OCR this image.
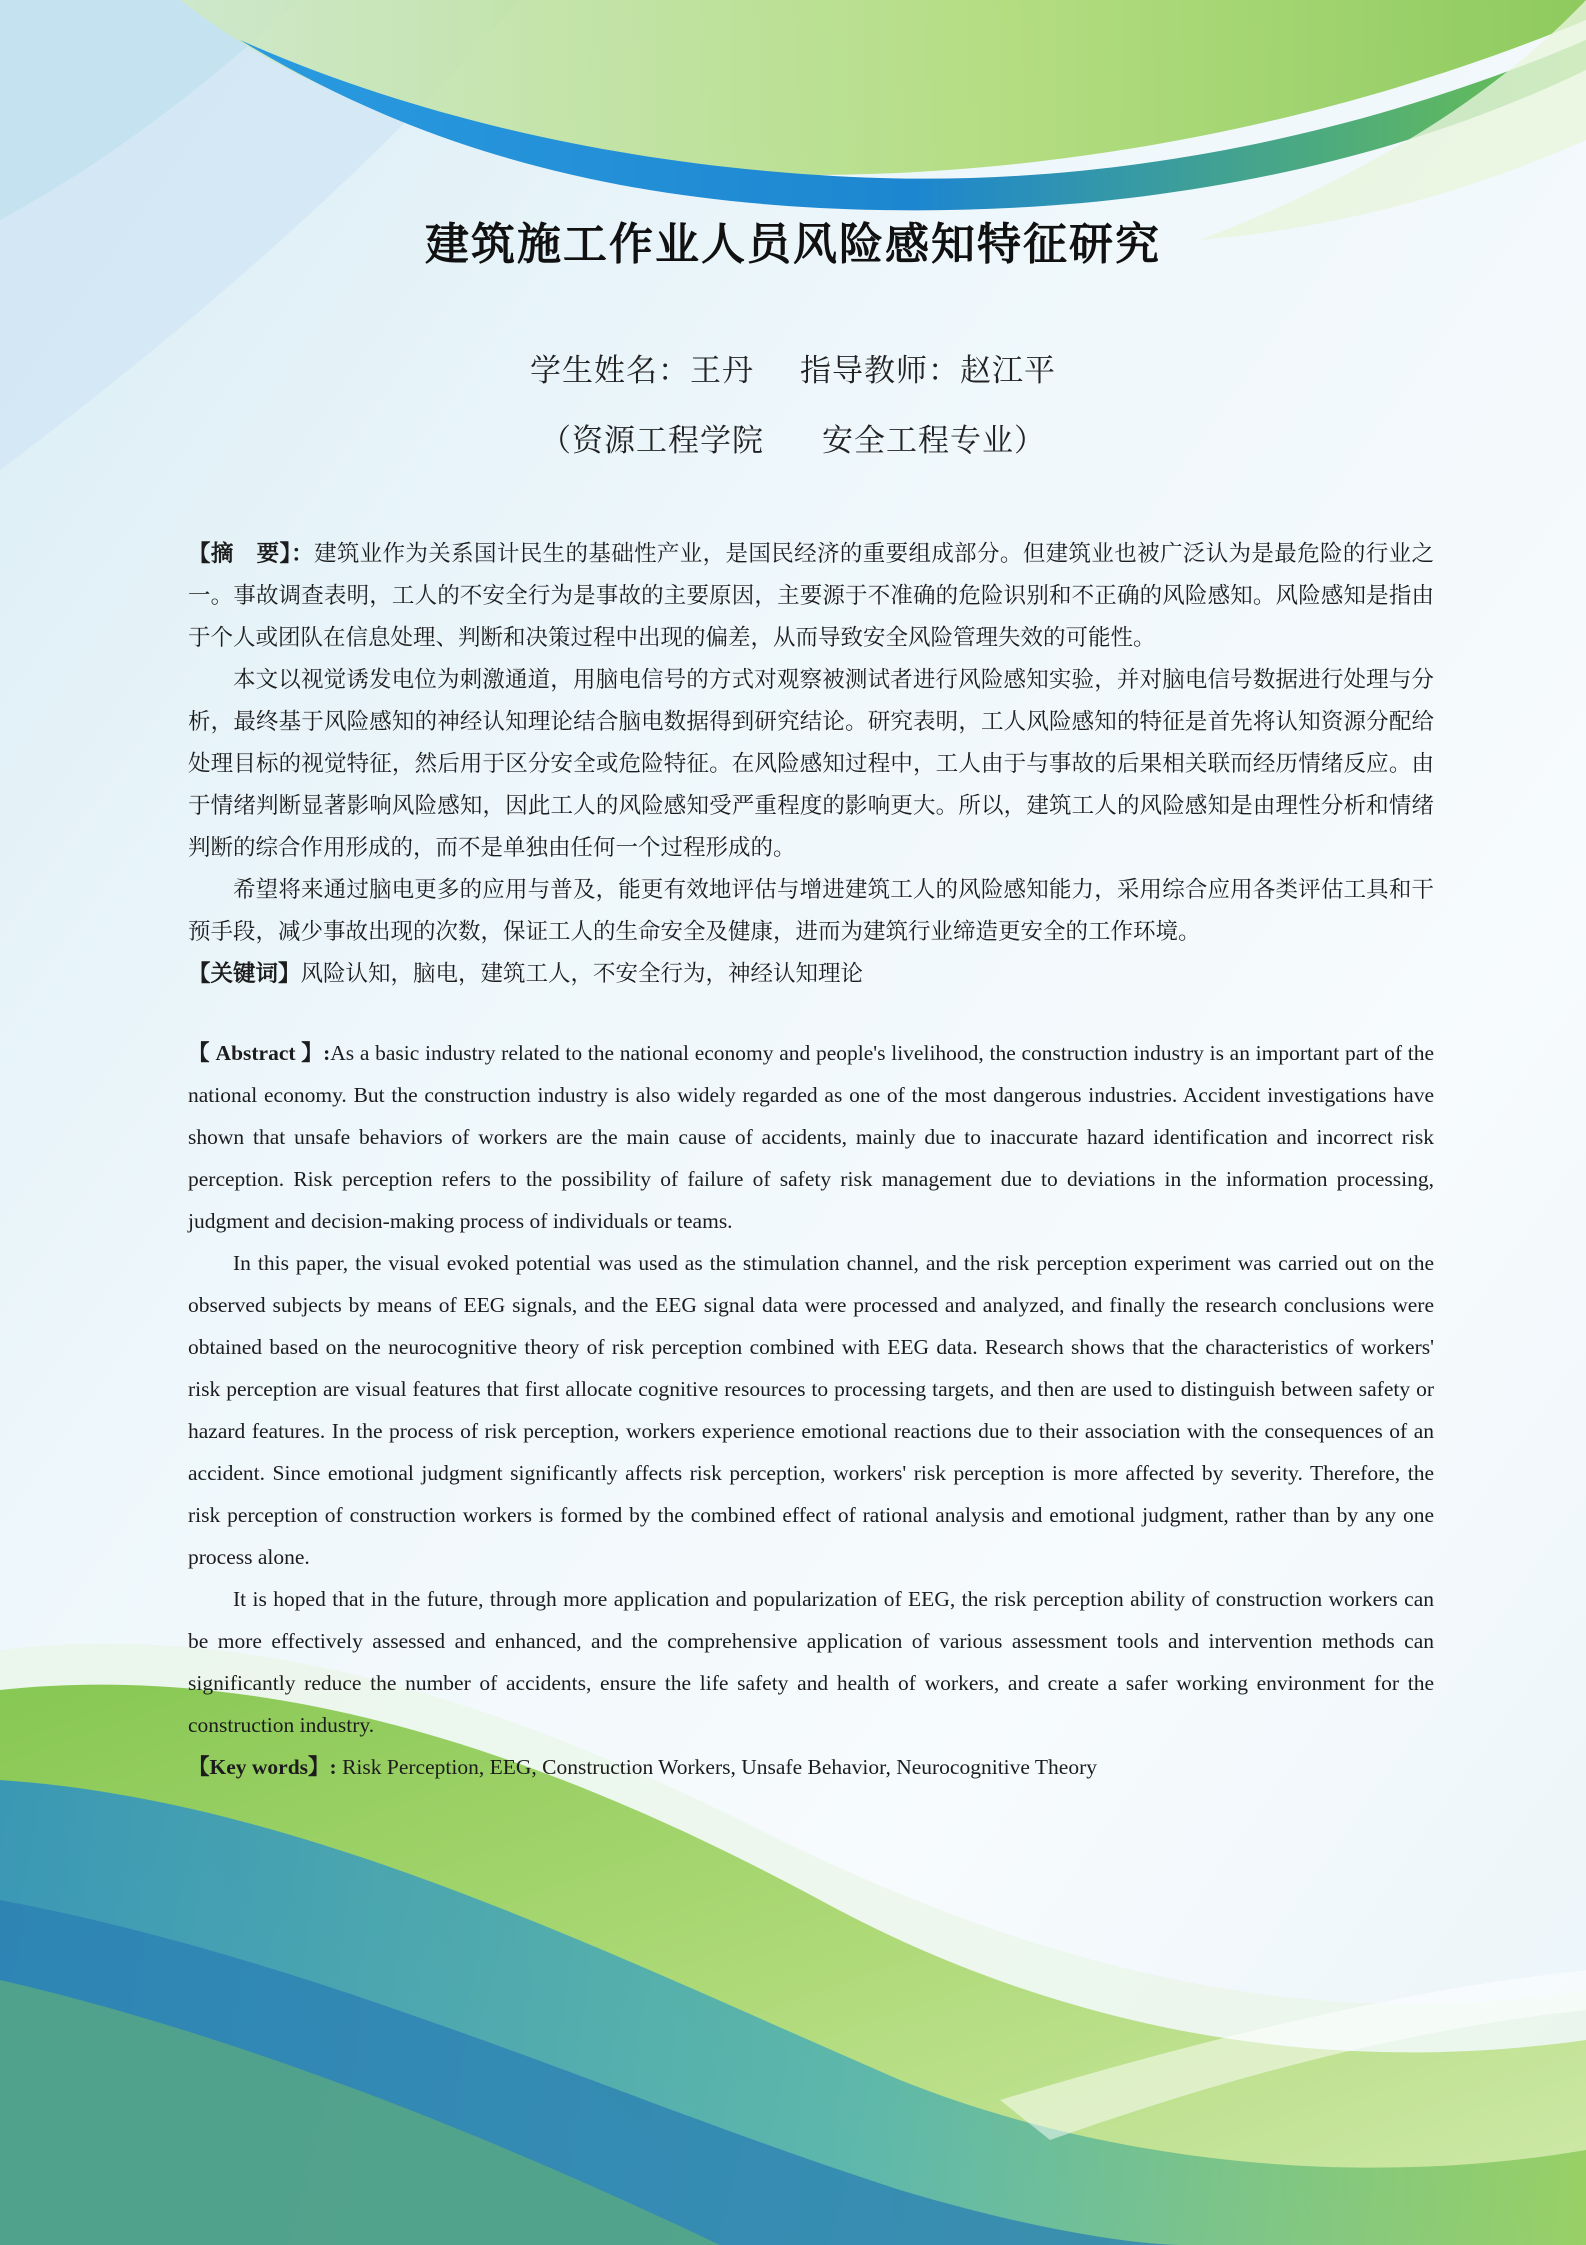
建筑施工作业人员风险感知特征研究
学生姓名：王丹 指导教师：赵江平
（资源工程学院 安全工程专业）

【摘　要】：建筑业作为关系国计民生的基础性产业，是国民经济的重要组成部分。但建筑业也被广泛认为是最危险的行业之一。事故调查表明，工人的不安全行为是事故的主要原因，主要源于不准确的危险识别和不正确的风险感知。风险感知是指由于个人或团队在信息处理、判断和决策过程中出现的偏差，从而导致安全风险管理失效的可能性。

本文以视觉诱发电位为刺激通道，用脑电信号的方式对观察被测试者进行风险感知实验，并对脑电信号数据进行处理与分析，最终基于风险感知的神经认知理论结合脑电数据得到研究结论。研究表明，工人风险感知的特征是首先将认知资源分配给处理目标的视觉特征，然后用于区分安全或危险特征。在风险感知过程中，工人由于与事故的后果相关联而经历情绪反应。由于情绪判断显著影响风险感知，因此工人的风险感知受严重程度的影响更大。所以，建筑工人的风险感知是由理性分析和情绪判断的综合作用形成的，而不是单独由任何一个过程形成的。

希望将来通过脑电更多的应用与普及，能更有效地评估与增进建筑工人的风险感知能力，采用综合应用各类评估工具和干预手段，减少事故出现的次数，保证工人的生命安全及健康，进而为建筑行业缔造更安全的工作环境。

【关键词】风险认知，脑电，建筑工人，不安全行为，神经认知理论

【 Abstract 】:As a basic industry related to the national economy and people's livelihood, the construction industry is an important part of the national economy. But the construction industry is also widely regarded as one of the most dangerous industries. Accident investigations have shown that unsafe behaviors of workers are the main cause of accidents, mainly due to inaccurate hazard identification and incorrect risk perception. Risk perception refers to the possibility of failure of safety risk management due to deviations in the information processing, judgment and decision-making process of individuals or teams.

In this paper, the visual evoked potential was used as the stimulation channel, and the risk perception experiment was carried out on the observed subjects by means of EEG signals, and the EEG signal data were processed and analyzed, and finally the research conclusions were obtained based on the neurocognitive theory of risk perception combined with EEG data. Research shows that the characteristics of workers' risk perception are visual features that first allocate cognitive resources to processing targets, and then are used to distinguish between safety or hazard features. In the process of risk perception, workers experience emotional reactions due to their association with the consequences of an accident. Since emotional judgment significantly affects risk perception, workers' risk perception is more affected by severity. Therefore, the risk perception of construction workers is formed by the combined effect of rational analysis and emotional judgment, rather than by any one process alone.

It is hoped that in the future, through more application and popularization of EEG, the risk perception ability of construction workers can be more effectively assessed and enhanced, and the comprehensive application of various assessment tools and intervention methods can significantly reduce the number of accidents, ensure the life safety and health of workers, and create a safer working environment for the construction industry.

【Key words】: Risk Perception, EEG, Construction Workers, Unsafe Behavior, Neurocognitive Theory
